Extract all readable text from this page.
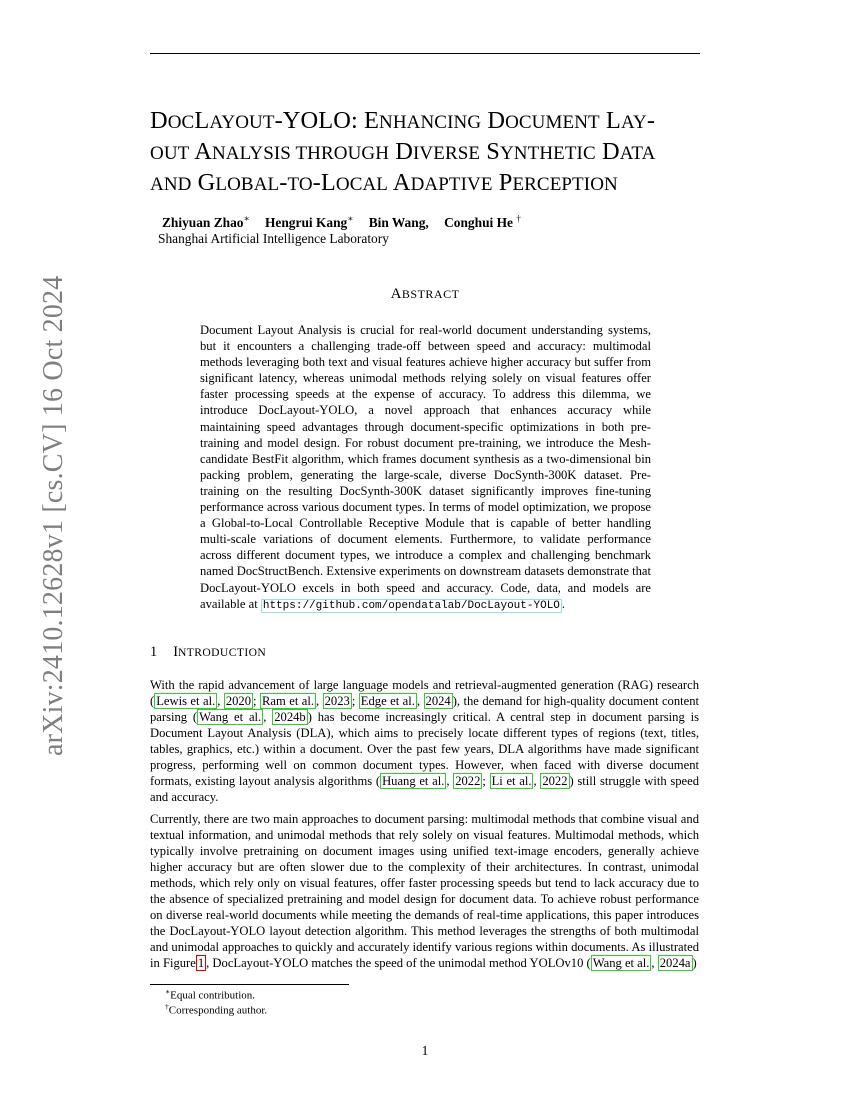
arXiv:2410.12628v1 [cs.CV] 16 Oct 2024
DOCLAYOUT-YOLO: ENHANCING DOCUMENT LAY-
OUT ANALYSIS THROUGH DIVERSE SYNTHETIC DATA
AND GLOBAL-TO-LOCAL ADAPTIVE PERCEPTION
Zhiyuan Zhao∗ Hengrui Kang∗ Bin Wang, Conghui He †
Shanghai Artificial Intelligence Laboratory
ABSTRACT
Document Layout Analysis is crucial for real-world document understanding systems, but it encounters a challenging trade-off between speed and accuracy: multimodal methods leveraging both text and visual features achieve higher accuracy but suffer from significant latency, whereas unimodal methods relying solely on visual features offer faster processing speeds at the expense of accuracy. To address this dilemma, we introduce DocLayout-YOLO, a novel approach that enhances accuracy while maintaining speed advantages through document-specific optimizations in both pre-training and model design. For robust document pre-training, we introduce the Mesh-candidate BestFit algorithm, which frames document synthesis as a two-dimensional bin packing problem, generating the large-scale, diverse DocSynth-300K dataset. Pre-training on the resulting DocSynth-300K dataset significantly improves fine-tuning performance across various document types. In terms of model optimization, we propose a Global-to-Local Controllable Receptive Module that is capable of better handling multi-scale variations of document elements. Furthermore, to validate performance across different document types, we introduce a complex and challenging benchmark named DocStructBench. Extensive experiments on downstream datasets demonstrate that DocLayout-YOLO excels in both speed and accuracy. Code, data, and models are available at https://github.com/opendatalab/DocLayout-YOLO .
1 INTRODUCTION
With the rapid advancement of large language models and retrieval-augmented generation (RAG) research ( Lewis et al. , 2020 ; Ram et al. , 2023 ; Edge et al. , 2024 ), the demand for high-quality document content parsing ( Wang et al. , 2024b ) has become increasingly critical. A central step in document parsing is Document Layout Analysis (DLA), which aims to precisely locate different types of regions (text, titles, tables, graphics, etc.) within a document. Over the past few years, DLA algorithms have made significant progress, performing well on common document types. However, when faced with diverse document formats, existing layout analysis algorithms ( Huang et al. , 2022 ; Li et al. , 2022 ) still struggle with speed and accuracy.
Currently, there are two main approaches to document parsing: multimodal methods that combine visual and textual information, and unimodal methods that rely solely on visual features. Multimodal methods, which typically involve pretraining on document images using unified text-image encoders, generally achieve higher accuracy but are often slower due to the complexity of their architectures. In contrast, unimodal methods, which rely only on visual features, offer faster processing speeds but tend to lack accuracy due to the absence of specialized pretraining and model design for document data. To achieve robust performance on diverse real-world documents while meeting the demands of real-time applications, this paper introduces the DocLayout-YOLO layout detection algorithm. This method leverages the strengths of both multimodal and unimodal approaches to quickly and accurately identify various regions within documents. As illustrated in Figure 1 , DocLayout-YOLO matches the speed of the unimodal method YOLOv10 ( Wang et al. , 2024a )
∗Equal contribution.
†Corresponding author.
1
